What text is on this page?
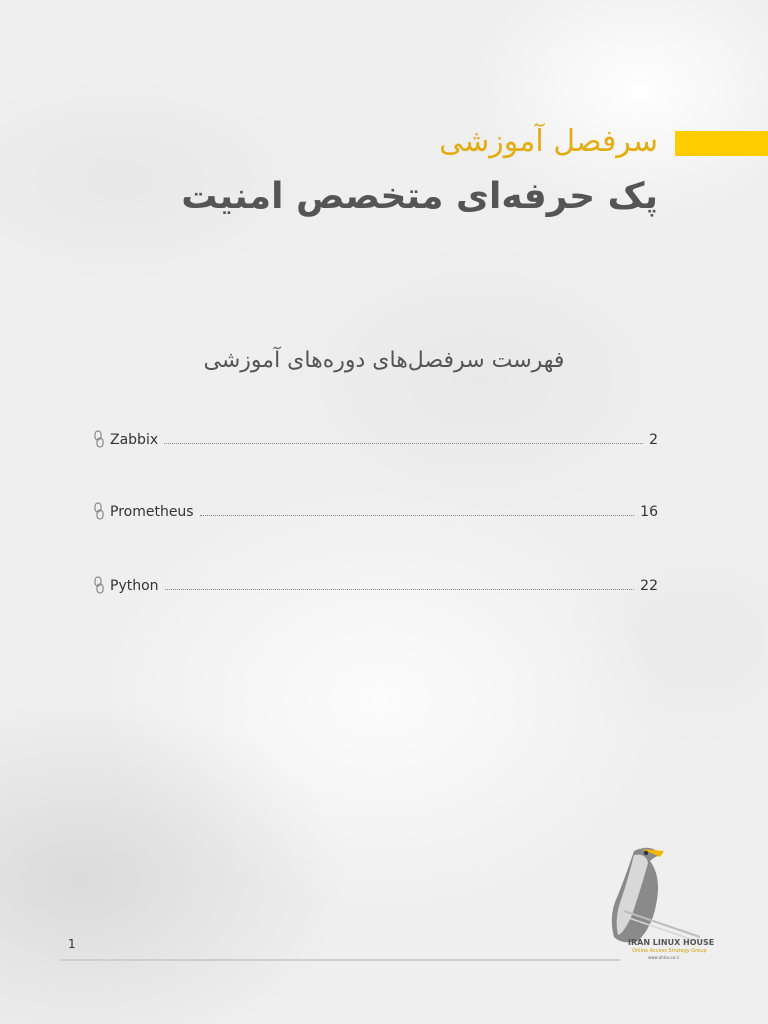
سرفصل آموزشی
پک حرفه‌ای متخصص امنیت
فهرست سرفصل‌های دوره‌های آموزشی
Zabbix	2
Prometheus	16
Python	22
IRAN LINUX HOUSE
Online Access Strategy Group
www.ahlco.co.ir
1
